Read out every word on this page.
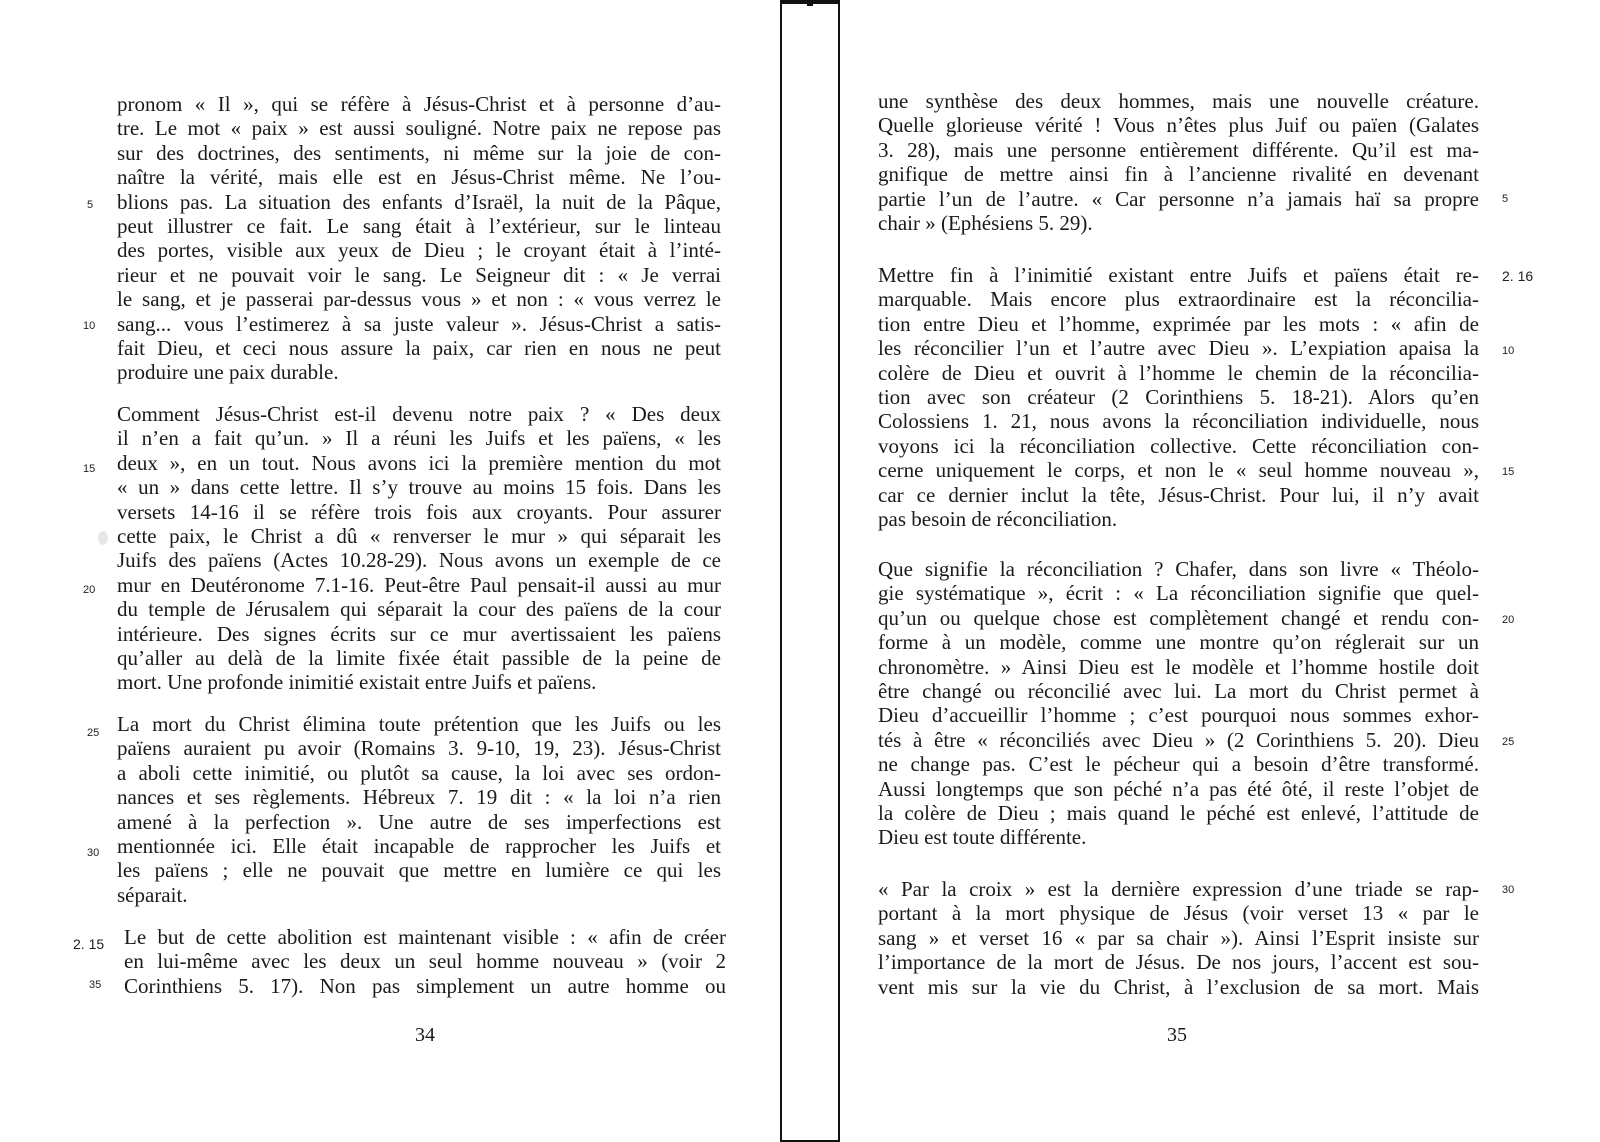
pronom « Il », qui se réfère à Jésus-Christ et à personne d’au-
tre. Le mot « paix » est aussi souligné. Notre paix ne repose pas
sur des doctrines, des sentiments, ni même sur la joie de con-
naître la vérité, mais elle est en Jésus-Christ même. Ne l’ou-
blions pas. La situation des enfants d’Israël, la nuit de la Pâque,
peut illustrer ce fait. Le sang était à l’extérieur, sur le linteau
des portes, visible aux yeux de Dieu ; le croyant était à l’inté-
rieur et ne pouvait voir le sang. Le Seigneur dit : « Je verrai
le sang, et je passerai par-dessus vous » et non : « vous verrez le
sang... vous l’estimerez à sa juste valeur ». Jésus-Christ a satis-
fait Dieu, et ceci nous assure la paix, car rien en nous ne peut
produire une paix durable.
Comment Jésus-Christ est-il devenu notre paix ? « Des deux
il n’en a fait qu’un. » Il a réuni les Juifs et les païens, « les
deux », en un tout. Nous avons ici la première mention du mot
« un » dans cette lettre. Il s’y trouve au moins 15 fois. Dans les
versets 14-16 il se réfère trois fois aux croyants. Pour assurer
cette paix, le Christ a dû « renverser le mur » qui séparait les
Juifs des païens (Actes 10.28-29). Nous avons un exemple de ce
mur en Deutéronome 7.1-16. Peut-être Paul pensait-il aussi au mur
du temple de Jérusalem qui séparait la cour des païens de la cour
intérieure. Des signes écrits sur ce mur avertissaient les païens
qu’aller au delà de la limite fixée était passible de la peine de
mort. Une profonde inimitié existait entre Juifs et païens.
La mort du Christ élimina toute prétention que les Juifs ou les
païens auraient pu avoir (Romains 3. 9-10, 19, 23). Jésus-Christ
a aboli cette inimitié, ou plutôt sa cause, la loi avec ses ordon-
nances et ses règlements. Hébreux 7. 19 dit : « la loi n’a rien
amené à la perfection ». Une autre de ses imperfections est
mentionnée ici. Elle était incapable de rapprocher les Juifs et
les païens ; elle ne pouvait que mettre en lumière ce qui les
séparait.
Le but de cette abolition est maintenant visible : « afin de créer
en lui-même avec les deux un seul homme nouveau » (voir 2
Corinthiens 5. 17). Non pas simplement un autre homme ou
5
10
15
20
25
30
2. 15
35
34
une synthèse des deux hommes, mais une nouvelle créature.
Quelle glorieuse vérité ! Vous n’êtes plus Juif ou païen (Galates
3. 28), mais une personne entièrement différente. Qu’il est ma-
gnifique de mettre ainsi fin à l’ancienne rivalité en devenant
partie l’un de l’autre. « Car personne n’a jamais haï sa propre
chair » (Ephésiens 5. 29).
Mettre fin à l’inimitié existant entre Juifs et païens était re-
marquable. Mais encore plus extraordinaire est la réconcilia-
tion entre Dieu et l’homme, exprimée par les mots : « afin de
les réconcilier l’un et l’autre avec Dieu ». L’expiation apaisa la
colère de Dieu et ouvrit à l’homme le chemin de la réconcilia-
tion avec son créateur (2 Corinthiens 5. 18-21). Alors qu’en
Colossiens 1. 21, nous avons la réconciliation individuelle, nous
voyons ici la réconciliation collective. Cette réconciliation con-
cerne uniquement le corps, et non le « seul homme nouveau »,
car ce dernier inclut la tête, Jésus-Christ. Pour lui, il n’y avait
pas besoin de réconciliation.
Que signifie la réconciliation ? Chafer, dans son livre « Théolo-
gie systématique », écrit : « La réconciliation signifie que quel-
qu’un ou quelque chose est complètement changé et rendu con-
forme à un modèle, comme une montre qu’on réglerait sur un
chronomètre. » Ainsi Dieu est le modèle et l’homme hostile doit
être changé ou réconcilié avec lui. La mort du Christ permet à
Dieu d’accueillir l’homme ; c’est pourquoi nous sommes exhor-
tés à être « réconciliés avec Dieu » (2 Corinthiens 5. 20). Dieu
ne change pas. C’est le pécheur qui a besoin d’être transformé.
Aussi longtemps que son péché n’a pas été ôté, il reste l’objet de
la colère de Dieu ; mais quand le péché est enlevé, l’attitude de
Dieu est toute différente.
« Par la croix » est la dernière expression d’une triade se rap-
portant à la mort physique de Jésus (voir verset 13 « par le
sang » et verset 16 « par sa chair »). Ainsi l’Esprit insiste sur
l’importance de la mort de Jésus. De nos jours, l’accent est sou-
vent mis sur la vie du Christ, à l’exclusion de sa mort. Mais
5
2. 16
10
15
20
25
30
35
